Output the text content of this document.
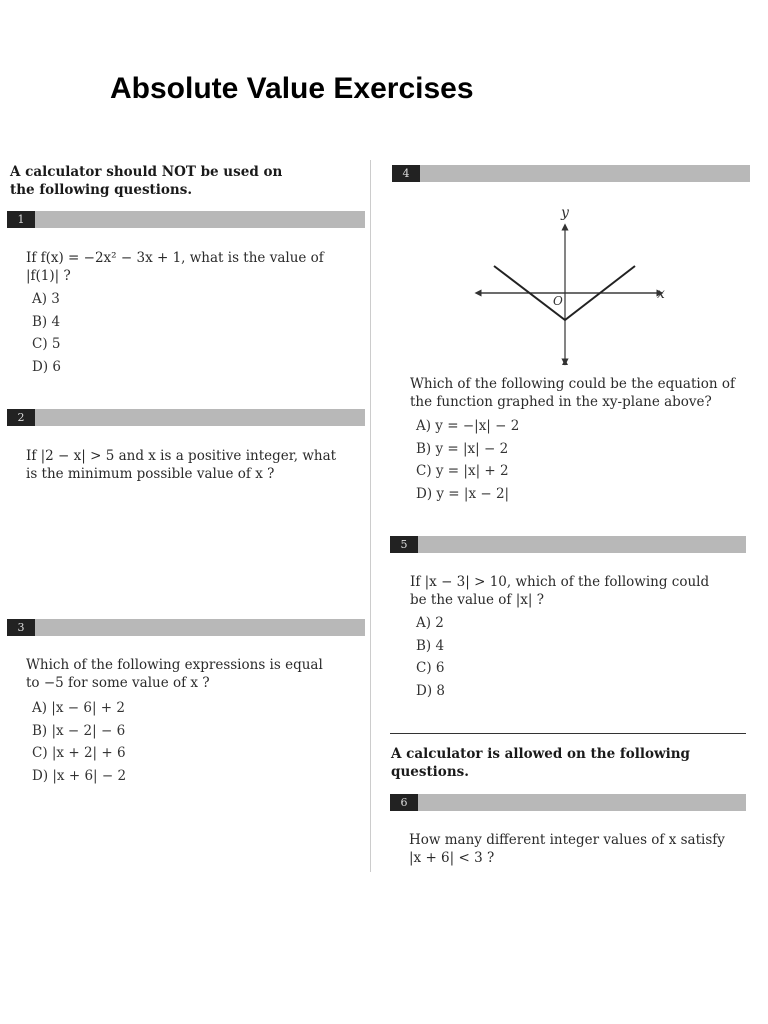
Absolute Value Exercises
A calculator should NOT be used on the following questions.
1
If f(x) = −2x² − 3x + 1, what is the value of |f(1)| ?
A) 3
B) 4
C) 5
D) 6
2
If |2 − x| > 5 and x is a positive integer, what is the minimum possible value of x ?
3
Which of the following expressions is equal to −5 for some value of x ?
A) |x − 6| + 2
B) |x − 2| − 6
C) |x + 2| + 6
D) |x + 6| − 2
4
y
x
O
Which of the following could be the equation of the function graphed in the xy-plane above?
A) y = −|x| − 2
B) y = |x| − 2
C) y = |x| + 2
D) y = |x − 2|
5
If |x − 3| > 10, which of the following could be the value of |x| ?
A) 2
B) 4
C) 6
D) 8
A calculator is allowed on the following questions.
6
How many different integer values of x satisfy |x + 6| < 3 ?
